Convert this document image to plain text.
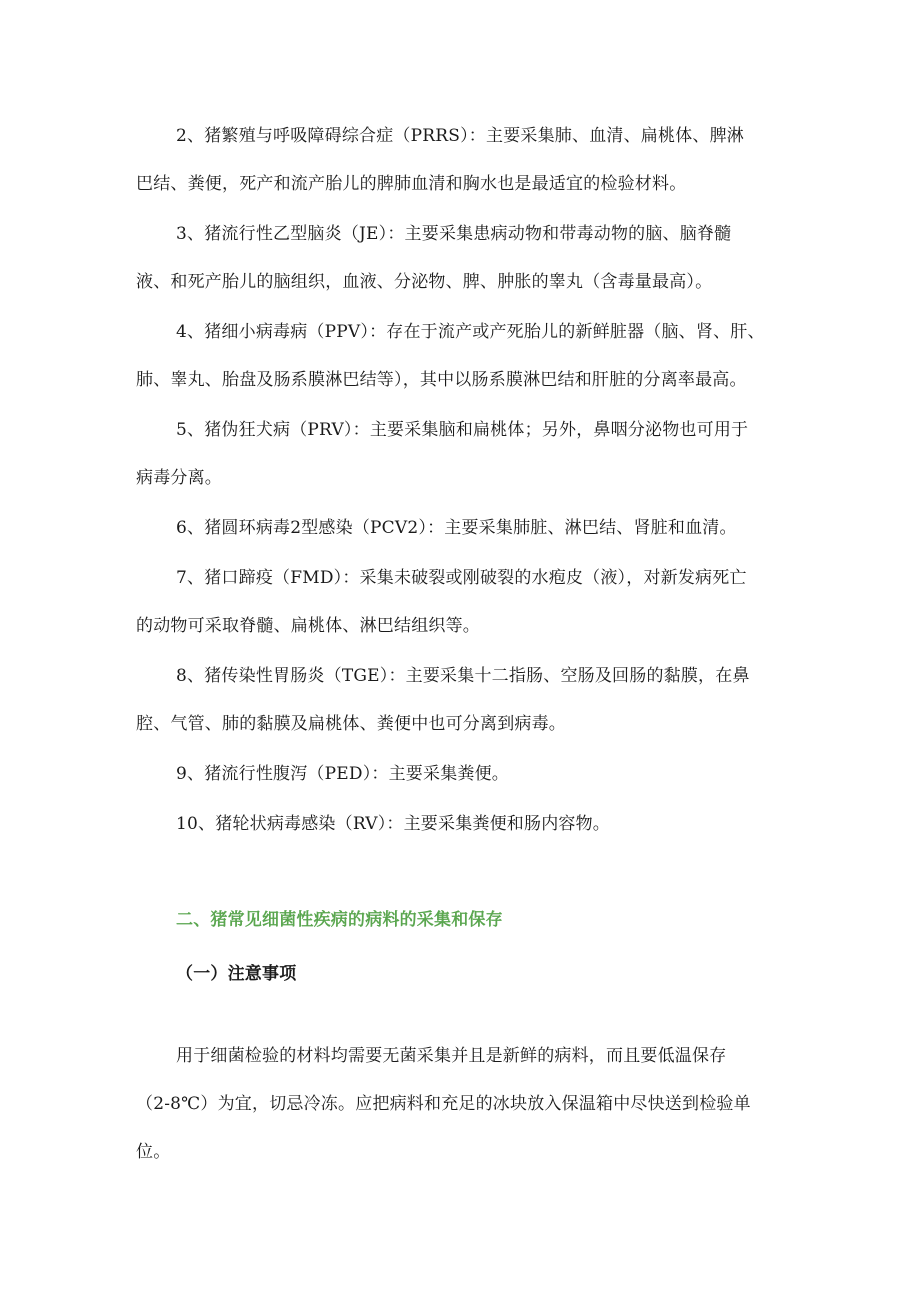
2、猪繁殖与呼吸障碍综合症（PRRS）：主要采集肺、血清、扁桃体、脾淋
巴结、粪便，死产和流产胎儿的脾肺血清和胸水也是最适宜的检验材料。
3、猪流行性乙型脑炎（JE）：主要采集患病动物和带毒动物的脑、脑脊髓
液、和死产胎儿的脑组织，血液、分泌物、脾、肿胀的睾丸（含毒量最高）。
4、猪细小病毒病（PPV）：存在于流产或产死胎儿的新鲜脏器（脑、肾、肝、
肺、睾丸、胎盘及肠系膜淋巴结等），其中以肠系膜淋巴结和肝脏的分离率最高。
5、猪伪狂犬病（PRV）：主要采集脑和扁桃体；另外，鼻咽分泌物也可用于
病毒分离。
6、猪圆环病毒2型感染（PCV2）：主要采集肺脏、淋巴结、肾脏和血清。
7、猪口蹄疫（FMD）：采集未破裂或刚破裂的水疱皮（液），对新发病死亡
的动物可采取脊髓、扁桃体、淋巴结组织等。
8、猪传染性胃肠炎（TGE）：主要采集十二指肠、空肠及回肠的黏膜，在鼻
腔、气管、肺的黏膜及扁桃体、粪便中也可分离到病毒。
9、猪流行性腹泻（PED）：主要采集粪便。
10、猪轮状病毒感染（RV）：主要采集粪便和肠内容物。
二、猪常见细菌性疾病的病料的采集和保存
（一）注意事项
用于细菌检验的材料均需要无菌采集并且是新鲜的病料，而且要低温保存
（2-8℃）为宜，切忌冷冻。应把病料和充足的冰块放入保温箱中尽快送到检验单
位。
